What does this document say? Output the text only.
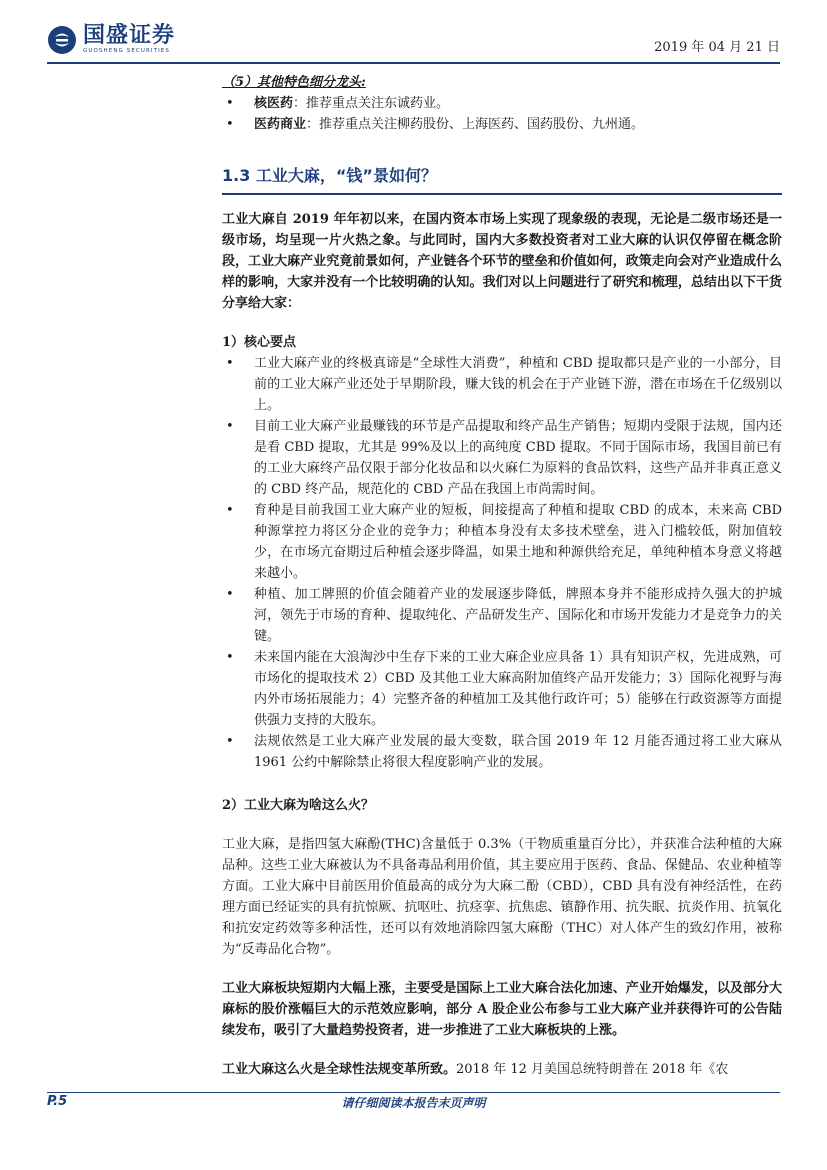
国盛证券
GUOSHENG SECURITIES	2019 年 04 月 21 日

（5）其他特色细分龙头:

• 核医药：推荐重点关注东诚药业。
• 医药商业：推荐重点关注柳药股份、上海医药、国药股份、九州通。
1.3 工业大麻，“钱”景如何？

工业大麻自 2019 年年初以来，在国内资本市场上实现了现象级的表现，无论是二级市场还是一级市场，均呈现一片火热之象。与此同时，国内大多数投资者对工业大麻的认识仅停留在概念阶段，工业大麻产业究竟前景如何，产业链各个环节的壁垒和价值如何，政策走向会对产业造成什么样的影响，大家并没有一个比较明确的认知。我们对以上问题进行了研究和梳理，总结出以下干货分享给大家：

1）核心要点

• 工业大麻产业的终极真谛是“全球性大消费”，种植和 CBD 提取都只是产业的一小部分，目前的工业大麻产业还处于早期阶段，赚大钱的机会在于产业链下游，潜在市场在千亿级别以上。
• 目前工业大麻产业最赚钱的环节是产品提取和终产品生产销售；短期内受限于法规，国内还是看 CBD 提取，尤其是 99%及以上的高纯度 CBD 提取。不同于国际市场，我国目前已有的工业大麻终产品仅限于部分化妆品和以火麻仁为原料的食品饮料，这些产品并非真正意义的 CBD 终产品，规范化的 CBD 产品在我国上市尚需时间。
• 育种是目前我国工业大麻产业的短板，间接提高了种植和提取 CBD 的成本，未来高 CBD 种源掌控力将区分企业的竞争力；种植本身没有太多技术壁垒，进入门槛较低，附加值较少，在市场亢奋期过后种植会逐步降温，如果土地和种源供给充足，单纯种植本身意义将越来越小。
• 种植、加工牌照的价值会随着产业的发展逐步降低，牌照本身并不能形成持久强大的护城河，领先于市场的育种、提取纯化、产品研发生产、国际化和市场开发能力才是竞争力的关键。
• 未来国内能在大浪淘沙中生存下来的工业大麻企业应具备 1）具有知识产权，先进成熟，可市场化的提取技术 2）CBD 及其他工业大麻高附加值终产品开发能力；3）国际化视野与海内外市场拓展能力；4）完整齐备的种植加工及其他行政许可；5）能够在行政资源等方面提供强力支持的大股东。
• 法规依然是工业大麻产业发展的最大变数，联合国 2019 年 12 月能否通过将工业大麻从 1961 公约中解除禁止将很大程度影响产业的发展。

2）工业大麻为啥这么火？

工业大麻，是指四氢大麻酚(THC)含量低于 0.3%（干物质重量百分比），并获准合法种植的大麻品种。这些工业大麻被认为不具备毒品利用价值，其主要应用于医药、食品、保健品、农业种植等方面。工业大麻中目前医用价值最高的成分为大麻二酚（CBD），CBD 具有没有神经活性，在药理方面已经证实的具有抗惊厥、抗呕吐、抗痉挛、抗焦虑、镇静作用、抗失眠、抗炎作用、抗氧化和抗安定药效等多种活性，还可以有效地消除四氢大麻酚（THC）对人体产生的致幻作用，被称为“反毒品化合物”。

工业大麻板块短期内大幅上涨，主要受是国际上工业大麻合法化加速、产业开始爆发，以及部分大麻标的股价涨幅巨大的示范效应影响，部分 A 股企业公布参与工业大麻产业并获得许可的公告陆续发布，吸引了大量趋势投资者，进一步推进了工业大麻板块的上涨。

工业大麻这么火是全球性法规变革所致。2018 年 12 月美国总统特朗普在 2018 年《农

P.5	请仔细阅读本报告末页声明
